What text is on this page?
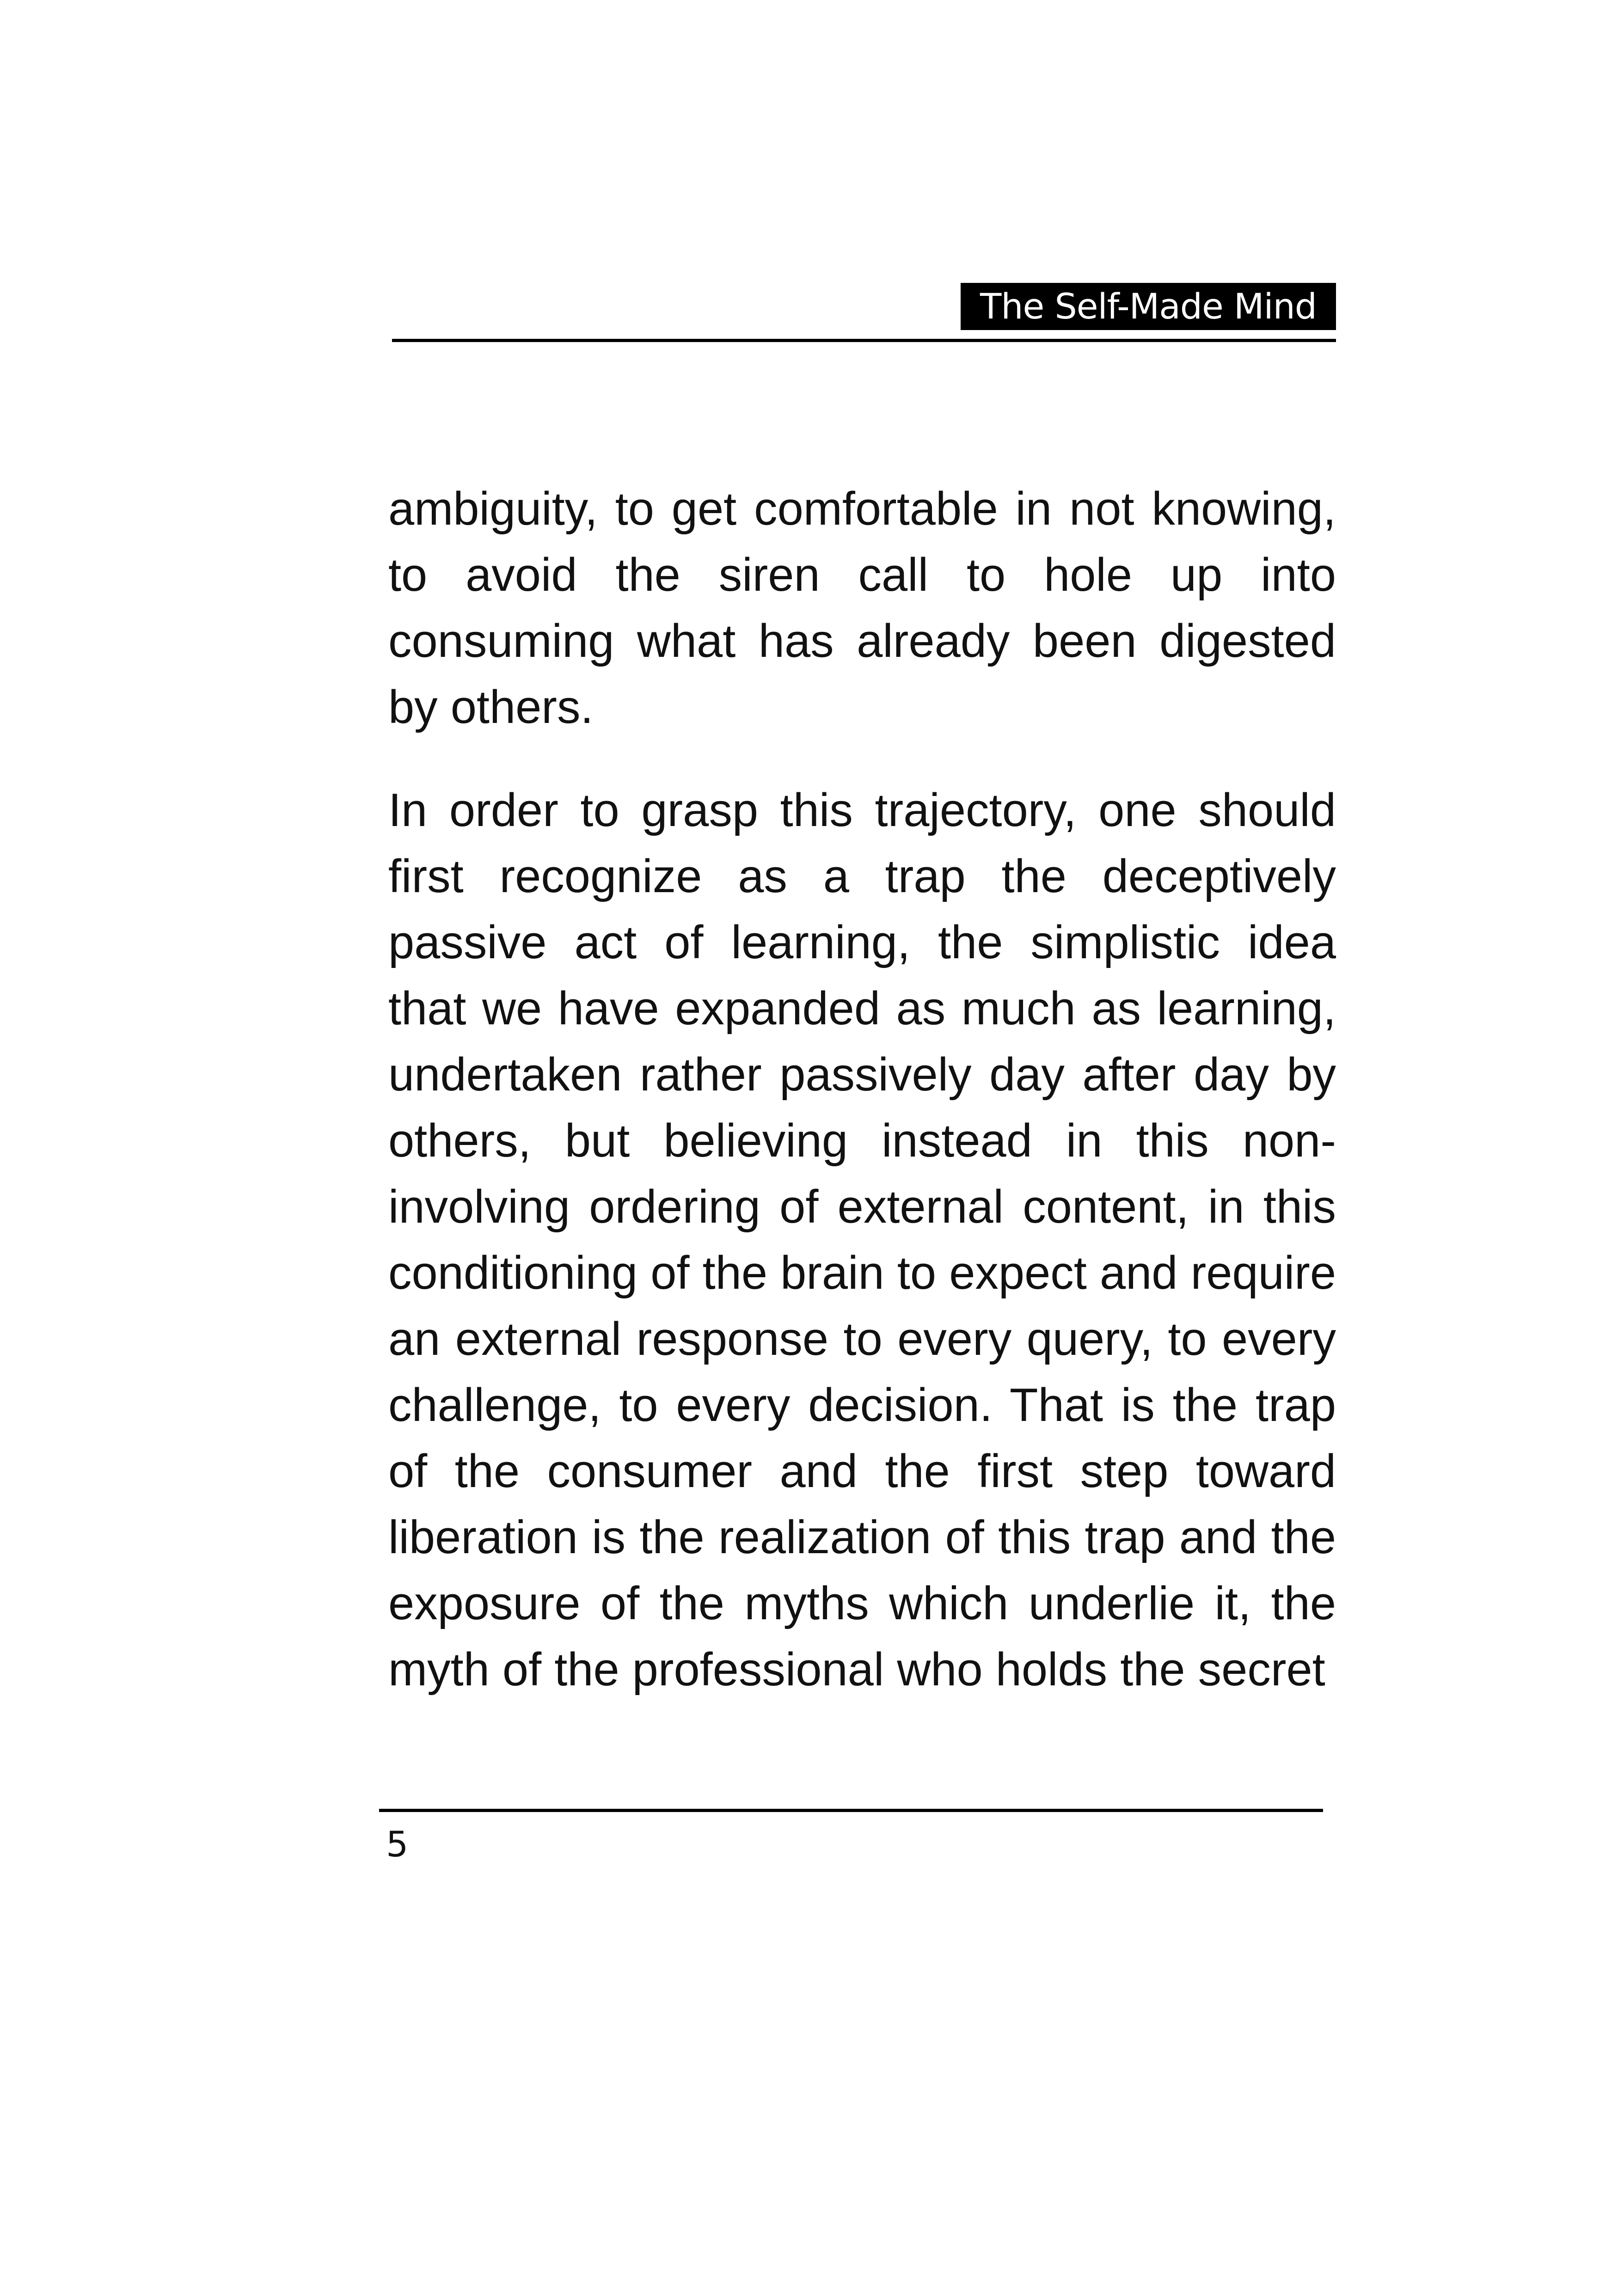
The Self-Made Mind

ambiguity, to get comfortable in not knowing, to avoid the siren call to hole up into consuming what has already been digested by others.

In order to grasp this trajectory, one should first recognize as a trap the deceptively passive act of learning, the simplistic idea that we have expanded as much as learning, undertaken rather passively day after day by others, but believing instead in this non-involving ordering of external content, in this conditioning of the brain to expect and require an external response to every query, to every challenge, to every decision. That is the trap of the consumer and the first step toward liberation is the realization of this trap and the exposure of the myths which underlie it, the myth of the professional who holds the secret

5
